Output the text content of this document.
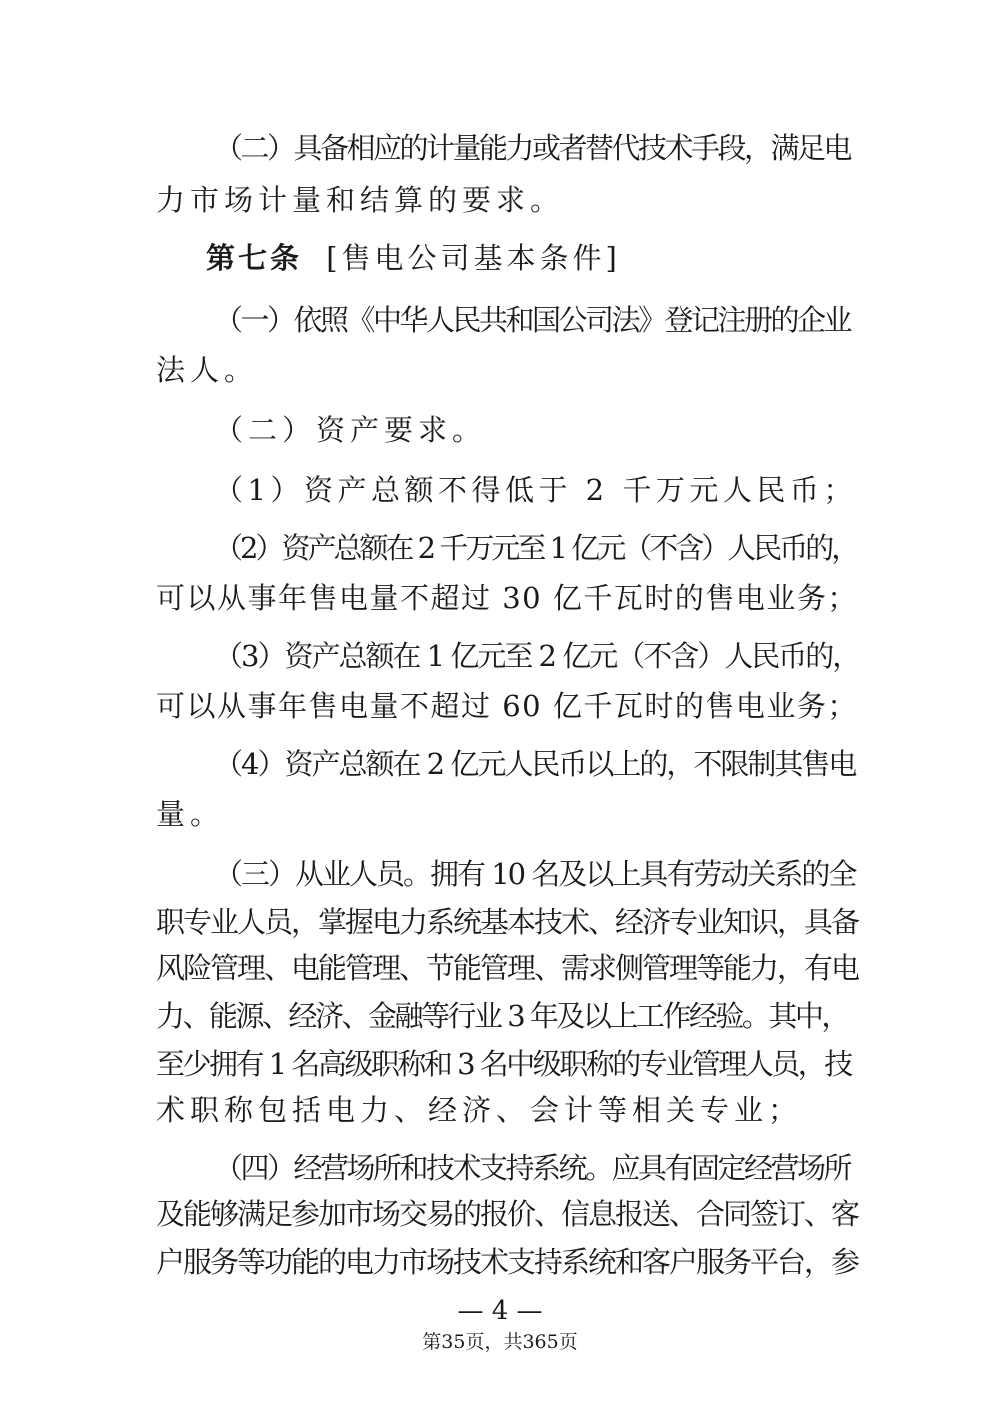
（二）具备相应的计量能力或者替代技术手段，满足电
力市场计量和结算的要求。
第七条 [售电公司基本条件]
（一）依照《中华人民共和国公司法》登记注册的企业
法人。
（二）资产要求。
（1）资产总额不得低于 2 千万元人民币；
（2）资产总额在 2 千万元至 1 亿元（不含）人民币的，
可以从事年售电量不超过 30 亿千瓦时的售电业务；
（3）资产总额在 1 亿元至 2 亿元（不含）人民币的，
可以从事年售电量不超过 60 亿千瓦时的售电业务；
（4）资产总额在 2 亿元人民币以上的，不限制其售电
量。
（三）从业人员。拥有 10 名及以上具有劳动关系的全
职专业人员，掌握电力系统基本技术、经济专业知识，具备
风险管理、电能管理、节能管理、需求侧管理等能力，有电
力、能源、经济、金融等行业 3 年及以上工作经验。其中，
至少拥有 1 名高级职称和 3 名中级职称的专业管理人员，技
术职称包括电力、经济、会计等相关专业；
（四）经营场所和技术支持系统。应具有固定经营场所
及能够满足参加市场交易的报价、信息报送、合同签订、客
户服务等功能的电力市场技术支持系统和客户服务平台，参
— 4 —
第35页，共365页
